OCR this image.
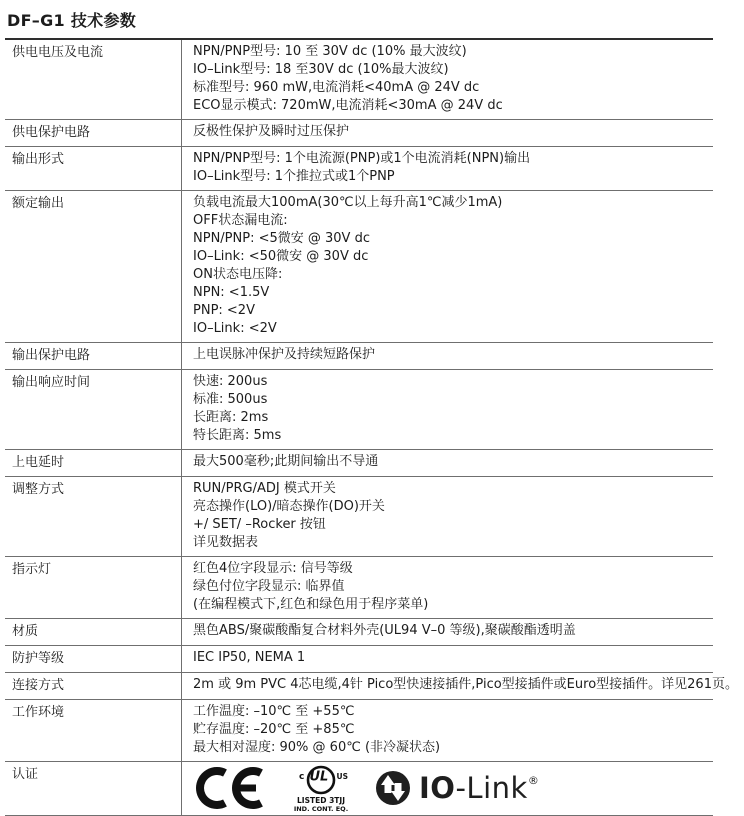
DF–G1 技术参数
供电电压及电流	NPN/PNP型号: 10 至 30V dc (10% 最大波纹)
IO–Link型号: 18 至30V dc (10%最大波纹)
标准型号: 960 mW,电流消耗<40mA @ 24V dc
ECO显示模式: 720mW,电流消耗<30mA @ 24V dc
供电保护电路	反极性保护及瞬时过压保护
输出形式	NPN/PNP型号: 1个电流源(PNP)或1个电流消耗(NPN)输出
IO–Link型号: 1个推拉式或1个PNP
额定输出	负载电流最大100mA(30℃以上每升高1℃减少1mA)
OFF状态漏电流:
NPN/PNP: <5微安 @ 30V dc
IO–Link: <50微安 @ 30V dc
ON状态电压降:
NPN: <1.5V
PNP: <2V
IO–Link: <2V
输出保护电路	上电误脉冲保护及持续短路保护
输出响应时间	快速: 200us
标准: 500us
长距离: 2ms
特长距离: 5ms
上电延时	最大500毫秒;此期间输出不导通
调整方式	RUN/PRG/ADJ 模式开关
亮态操作(LO)/暗态操作(DO)开关
+/ SET/ –Rocker 按钮
详见数据表
指示灯	红色4位字段显示: 信号等级
绿色付位字段显示: 临界值
(在编程模式下,红色和绿色用于程序菜单)
材质	黑色ABS/聚碳酸酯复合材料外壳(UL94 V–0 等级),聚碳酸酯透明盖
防护等级	IEC IP50, NEMA 1
连接方式	2m 或 9m PVC 4芯电缆,4针 Pico型快速接插件,Pico型接插件或Euro型接插件。详见261页。
工作环境	工作温度: –10℃ 至 +55℃
贮存温度: –20℃ 至 +85℃
最大相对湿度: 90% @ 60℃ (非冷凝状态)
认证	UL
c	US
LISTED 3TJJ
IND. CONT. EQ.
IO-Link®
